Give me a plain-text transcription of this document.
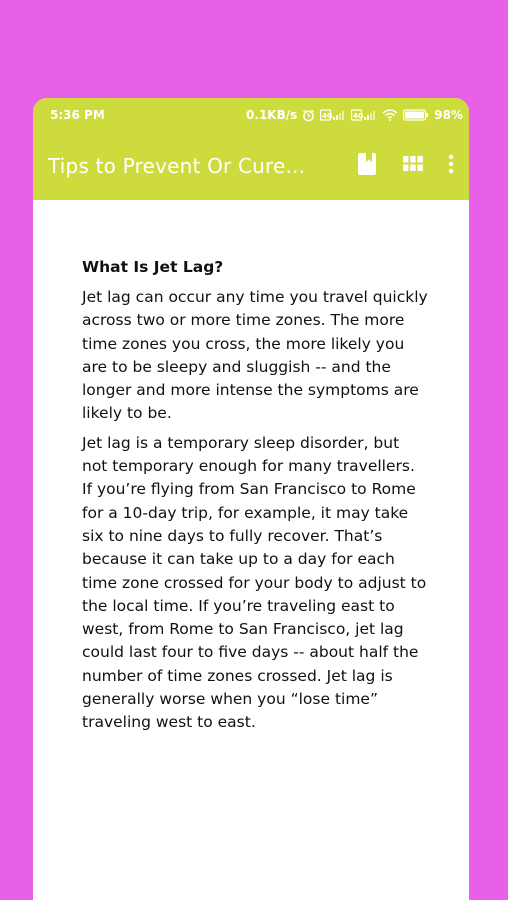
5:36 PM	0.1KB/s	4G	4G	98%
Tips to Prevent Or Cure...
What Is Jet Lag?

Jet lag can occur any time you travel quickly across two or more time zones. The more time zones you cross, the more likely you are to be sleepy and sluggish -- and the longer and more intense the symptoms are likely to be.

Jet lag is a temporary sleep disorder, but not temporary enough for many travellers. If you’re flying from San Francisco to Rome for a 10-day trip, for example, it may take six to nine days to fully recover. That’s because it can take up to a day for each time zone crossed for your body to adjust to the local time. If you’re traveling east to west, from Rome to San Francisco, jet lag could last four to five days -- about half the number of time zones crossed. Jet lag is generally worse when you “lose time” traveling west to east.
